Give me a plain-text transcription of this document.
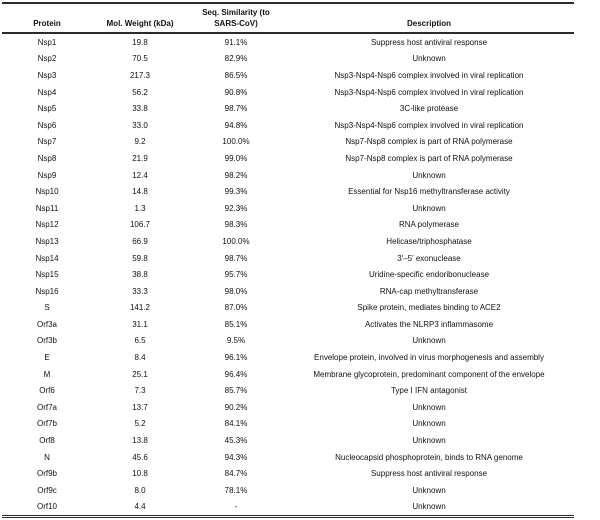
Protein	Mol. Weight (kDa)	Seq. Similarity (to SARS-CoV)	Description
Nsp1	19.8	91.1%	Suppress host antiviral response
Nsp2	70.5	82.9%	Unknown
Nsp3	217.3	86.5%	Nsp3-Nsp4-Nsp6 complex involved in viral replication
Nsp4	56.2	90.8%	Nsp3-Nsp4-Nsp6 complex involved in viral replication
Nsp5	33.8	98.7%	3C-like protease
Nsp6	33.0	94.8%	Nsp3-Nsp4-Nsp6 complex involved in viral replication
Nsp7	9.2	100.0%	Nsp7-Nsp8 complex is part of RNA polymerase
Nsp8	21.9	99.0%	Nsp7-Nsp8 complex is part of RNA polymerase
Nsp9	12.4	98.2%	Unknown
Nsp10	14.8	99.3%	Essential for Nsp16 methyltransferase activity
Nsp11	1.3	92.3%	Unknown
Nsp12	106.7	98.3%	RNA polymerase
Nsp13	66.9	100.0%	Helicase/triphosphatase
Nsp14	59.8	98.7%	3′–5′ exonuclease
Nsp15	38.8	95.7%	Uridine-specific endoribonuclease
Nsp16	33.3	98.0%	RNA-cap methyltransferase
S	141.2	87.0%	Spike protein, mediates binding to ACE2
Orf3a	31.1	85.1%	Activates the NLRP3 inflammasome
Orf3b	6.5	9.5%	Unknown
E	8.4	96.1%	Envelope protein, involved in virus morphogenesis and assembly
M	25.1	96.4%	Membrane glycoprotein, predominant component of the envelope
Orf6	7.3	85.7%	Type I IFN antagonist
Orf7a	13.7	90.2%	Unknown
Orf7b	5.2	84.1%	Unknown
Orf8	13.8	45.3%	Unknown
N	45.6	94.3%	Nucleocapsid phosphoprotein, binds to RNA genome
Orf9b	10.8	84.7%	Suppress host antiviral response
Orf9c	8.0	78.1%	Unknown
Orf10	4.4	-	Unknown
